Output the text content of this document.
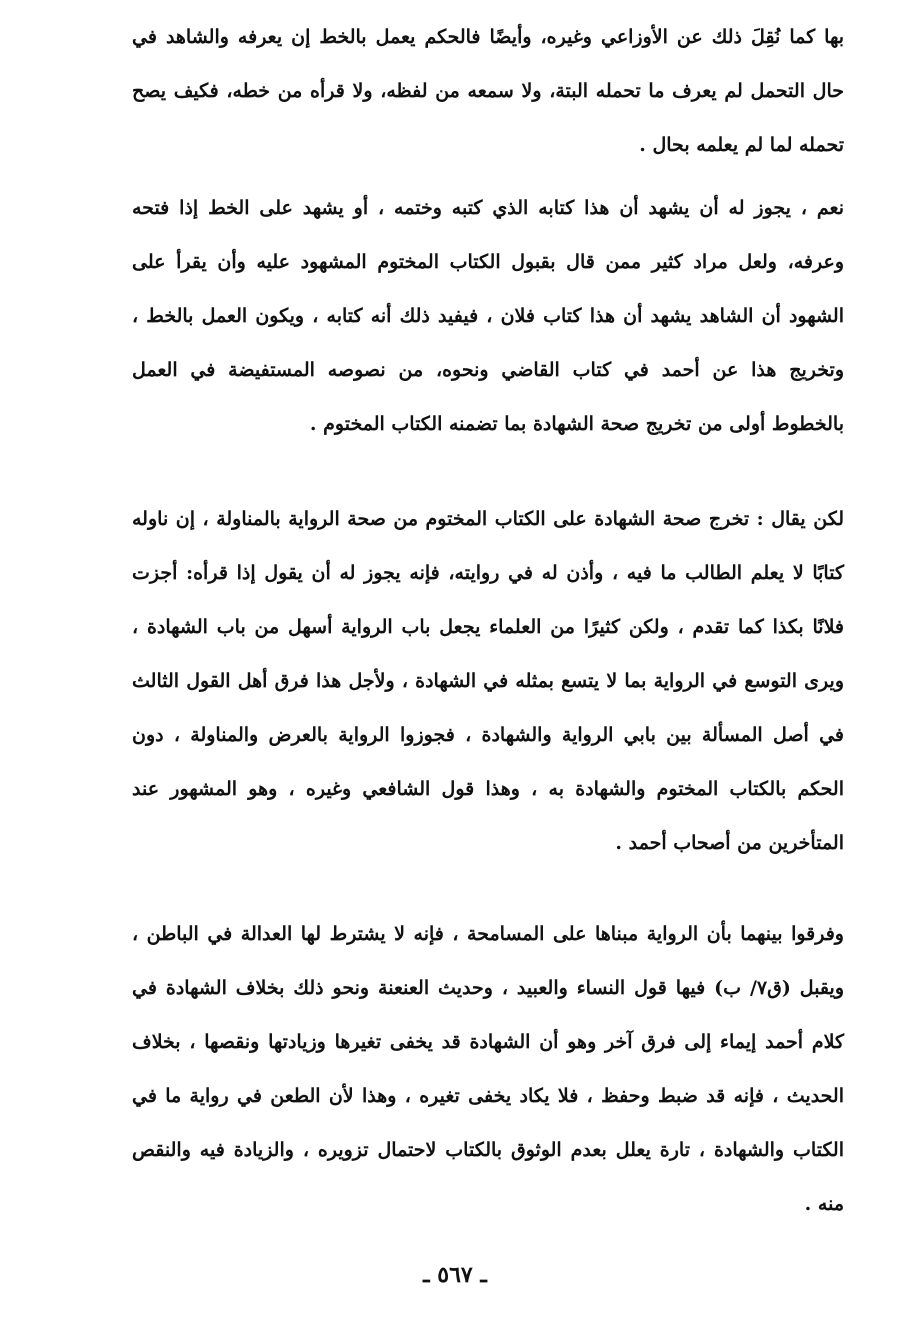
بها كما نُقِلَ ذلك عن الأوزاعي وغيره، وأيضًا فالحكم يعمل بالخط إن يعرفه والشاهد في حال التحمل لم يعرف ما تحمله البتة، ولا سمعه من لفظه، ولا قرأه من خطه، فكيف يصح تحمله لما لم يعلمه بحال .

نعم ، يجوز له أن يشهد أن هذا كتابه الذي كتبه وختمه ، أو يشهد على الخط إذا فتحه وعرفه، ولعل مراد كثير ممن قال بقبول الكتاب المختوم المشهود عليه وأن يقرأ على الشهود أن الشاهد يشهد أن هذا كتاب فلان ، فيفيد ذلك أنه كتابه ، ويكون العمل بالخط ، وتخريج هذا عن أحمد في كتاب القاضي ونحوه، من نصوصه المستفيضة في العمل بالخطوط أولى من تخريج صحة الشهادة بما تضمنه الكتاب المختوم .

لكن يقال : تخرج صحة الشهادة على الكتاب المختوم من صحة الرواية بالمناولة ، إن ناوله كتابًا لا يعلم الطالب ما فيه ، وأذن له في روايته، فإنه يجوز له أن يقول إذا قرأه: أجزت فلانًا بكذا كما تقدم ، ولكن كثيرًا من العلماء يجعل باب الرواية أسهل من باب الشهادة ، ويرى التوسع في الرواية بما لا يتسع بمثله في الشهادة ، ولأجل هذا فرق أهل القول الثالث في أصل المسألة بين بابي الرواية والشهادة ، فجوزوا الرواية بالعرض والمناولة ، دون الحكم بالكتاب المختوم والشهادة به ، وهذا قول الشافعي وغيره ، وهو المشهور عند المتأخرين من أصحاب أحمد .

وفرقوا بينهما بأن الرواية مبناها على المسامحة ، فإنه لا يشترط لها العدالة في الباطن ، ويقبل (ق٧/ ب) فيها قول النساء والعبيد ، وحديث العنعنة ونحو ذلك بخلاف الشهادة في كلام أحمد إيماء إلى فرق آخر وهو أن الشهادة قد يخفى تغيرها وزيادتها ونقصها ، بخلاف الحديث ، فإنه قد ضبط وحفظ ، فلا يكاد يخفى تغيره ، وهذا لأن الطعن في رواية ما في الكتاب والشهادة ، تارة يعلل بعدم الوثوق بالكتاب لاحتمال تزويره ، والزيادة فيه والنقص منه .

ـ ٥٦٧ ـ
